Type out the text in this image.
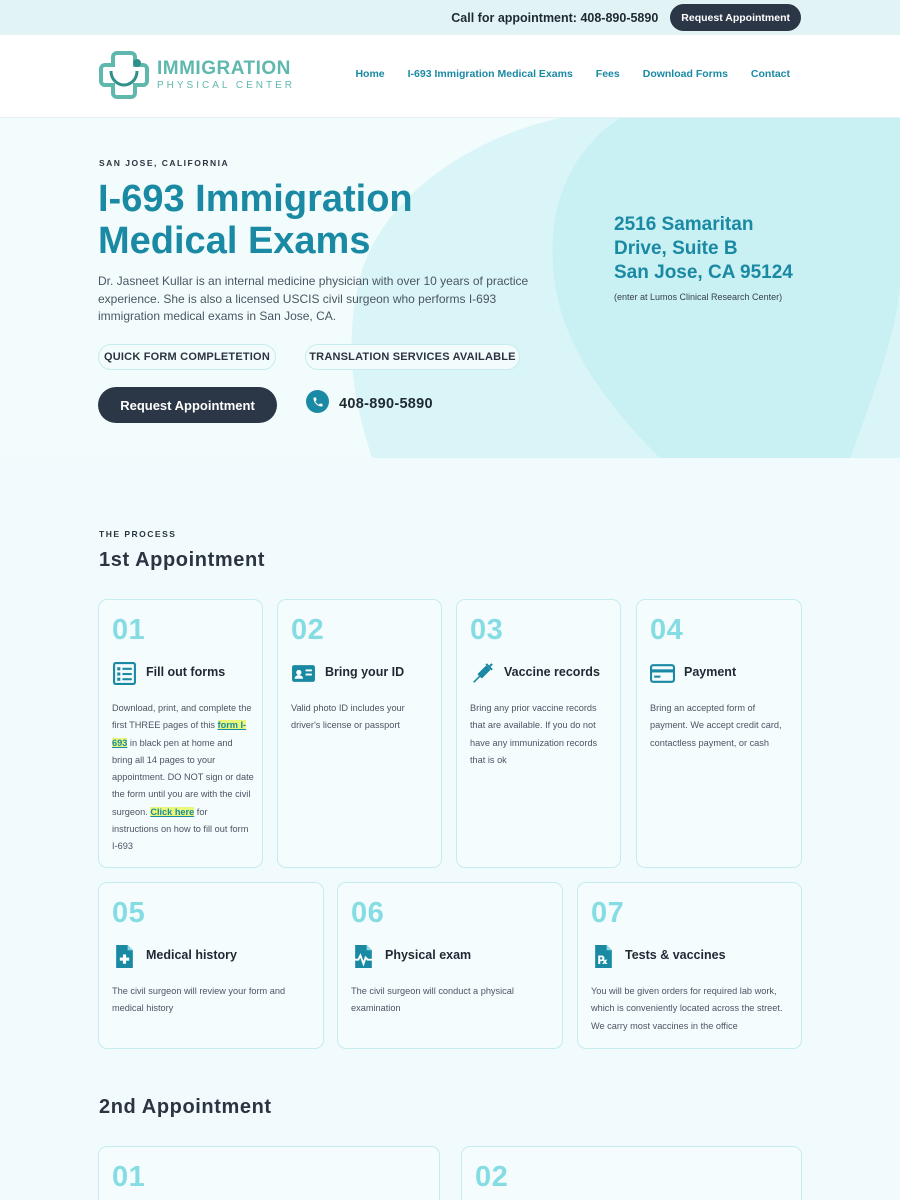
Call for appointment: 408-890-5890	Request Appointment
IMMIGRATION
PHYSICAL CENTER
Home I-693 Immigration Medical Exams Fees Download Forms Contact
SAN JOSE, CALIFORNIA
I-693 Immigration Medical Exams

Dr. Jasneet Kullar is an internal medicine physician with over 10 years of practice experience. She is also a licensed USCIS civil surgeon who performs I-693 immigration medical exams in San Jose, CA.

QUICK FORM COMPLETETION	TRANSLATION SERVICES AVAILABLE
Request Appointment	408-890-5890
2516 Samaritan
Drive, Suite B
San Jose, CA 95124
(enter at Lumos Clinical Research Center)
THE PROCESS
1st Appointment
01
Fill out forms
Download, print, and complete the first THREE pages of this form I-693 in black pen at home and bring all 14 pages to your appointment. DO NOT sign or date the form until you are with the civil surgeon. Click here for instructions on how to fill out form I-693
02
Bring your ID
Valid photo ID includes your driver's license or passport
03
Vaccine records
Bring any prior vaccine records that are available. If you do not have any immunization records that is ok
04
Payment
Bring an accepted form of payment. We accept credit card, contactless payment, or cash
05
Medical history
The civil surgeon will review your form and medical history
06
Physical exam
The civil surgeon will conduct a physical examination
07
℞ Tests & vaccines
You will be given orders for required lab work, which is conveniently located across the street. We carry most vaccines in the office
2nd Appointment
01	02
